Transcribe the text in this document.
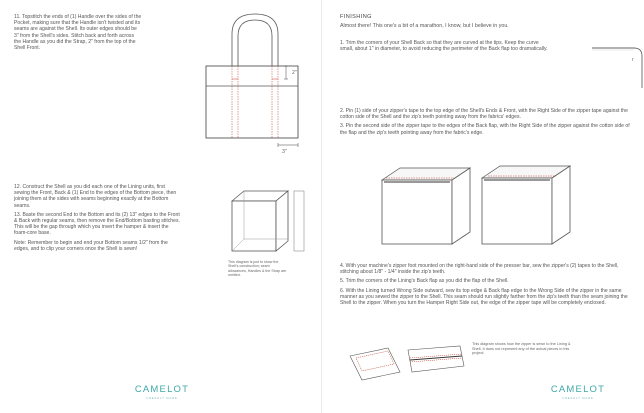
11. Topstitch the ends of (1) Handle over the sides of the Pocket, making sure that the Handle isn't twisted and its seams are against the Shell. Its outer edges should be 3" from the Shell's sides. Stitch back and forth across the Handle as you did the Strap, 2" from the top of the Shell Front.

2"
3"

12. Construct the Shell as you did each one of the Lining units, first sewing the Front, Back & (1) End to the edges of the Bottom piece, then joining them at the sides with seams beginning exactly at the Bottom seams.

13. Baste the second End to the Bottom and its (2) 13" edges to the Front & Back with regular seams, then remove the End/Bottom basting stitches. This will be the gap through which you invert the hamper & insert the foam-core base.

Note: Remember to begin and end your Bottom seams 1/2" from the edges, and to clip your corners once the Shell is sewn!

This diagram is just to show the Shell's construction; seam allowances, Handles & the Strap are omitted.
CAMELOT
FRESHLY MADE
FINISHING

Almost there! This one's a bit of a marathon, I know, but I believe in you.

1. Trim the corners of your Shell Back so that they are curved at the tips. Keep the curve small, about 1" in diameter, to avoid reducing the perimeter of the Back flap too dramatically.

r

2. Pin (1) side of your zipper's tape to the top edge of the Shell's Ends & Front, with the Right Side of the zipper tape against the cotton side of the Shell and the zip's teeth pointing away from the fabrics' edges.

3. Pin the second side of the zipper tape to the edges of the Back flap, with the Right Side of the zipper against the cotton side of the flap and the zip's teeth pointing away from the fabric's edge.

4. With your machine's zipper foot mounted on the right-hand side of the presser bar, sew the zipper's (2) tapes to the Shell, stitching about 1/8" - 1/4" inside the zip's teeth.

5. Trim the corners of the Lining's Back flap as you did the flap of the Shell.

6. With the Lining turned Wrong Side outward, sew its top edge & Back flap edge to the Wrong Side of the zipper in the same manner as you sewed the zipper to the Shell. This seam should run slightly farther from the zip's teeth than the seam joining the Shell to the zipper. When you turn the Hamper Right Side out, the edge of the zipper tape will be completely enclosed.

This diagram shows how the zipper is sewn to the Lining & Shell. It does not represent any of the actual pieces in this project.
CAMELOT
FRESHLY MADE
